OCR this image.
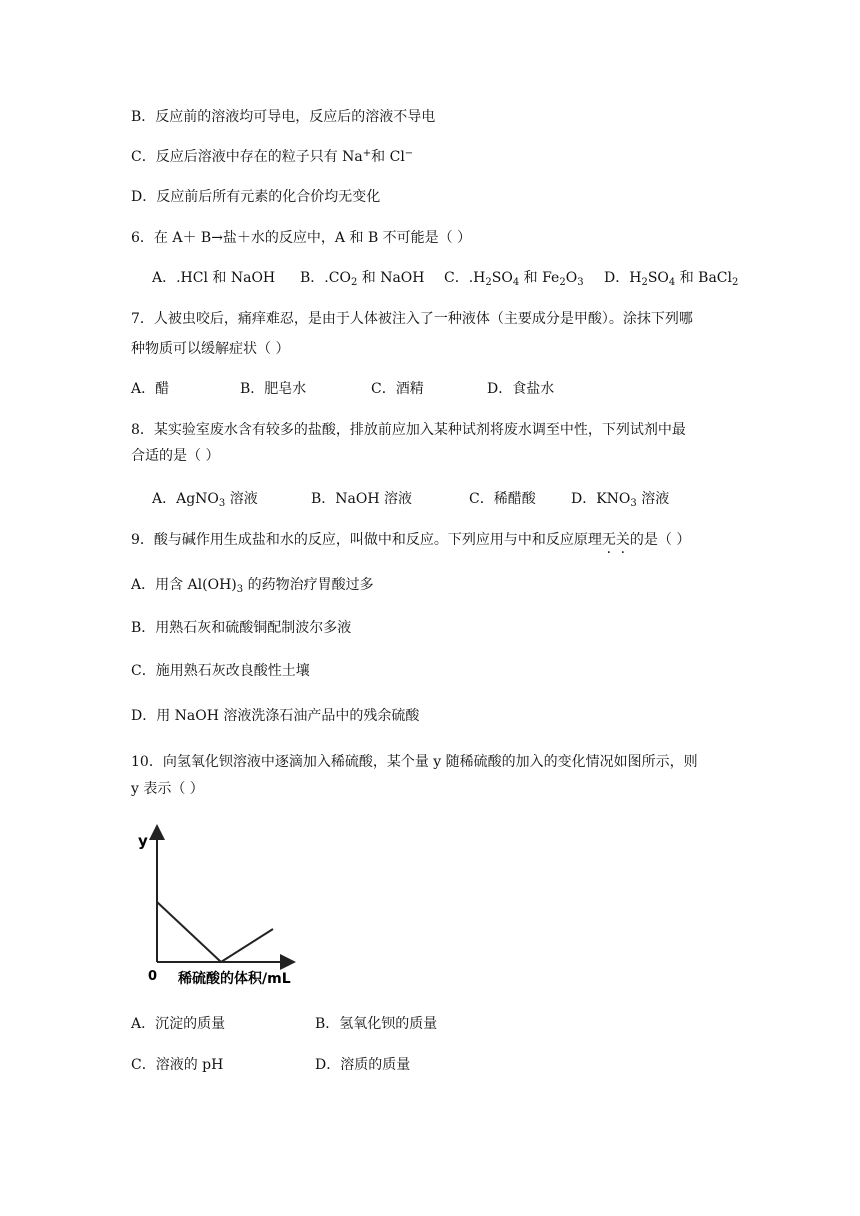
B．反应前的溶液均可导电，反应后的溶液不导电
C．反应后溶液中存在的粒子只有 Na+和 Cl−
D．反应前后所有元素的化合价均无变化
6．在 A＋ B→盐＋水的反应中，A 和 B 不可能是（ ）
A．.HCl 和 NaOH B．$.CO_2$ 和 NaOH C．$.H_2SO_4$ 和 $Fe_2O_3$ D．$H_2SO_4$ 和 BaCl$_2$
7．人被虫咬后，痛痒难忍，是由于人体被注入了一种液体（主要成分是甲酸）。涂抹下列哪
种物质可以缓解症状（ ）
A．醋	B．肥皂水	C．酒精	D．食盐水
8．某实验室废水含有较多的盐酸，排放前应加入某种试剂将废水调至中性，下列试剂中最
合适的是（ ）
A．AgNO$_3$ 溶液	B．NaOH 溶液	C．稀醋酸	D．$KNO_3$ 溶液
9．酸与碱作用生成盐和水的反应，叫做中和反应。下列应用与中和反应原理无关的是（ ）
A．用含 $Al(OH)_3$ 的药物治疗胃酸过多
B．用熟石灰和硫酸铜配制波尔多液
C．施用熟石灰改良酸性土壤
D．用 NaOH 溶液洗涤石油产品中的残余硫酸
10．向氢氧化钡溶液中逐滴加入稀硫酸，某个量 y 随稀硫酸的加入的变化情况如图所示，则
y 表示（ ）
y
0 稀硫酸的体积/mL
A．沉淀的质量	B．氢氧化钡的质量
C．溶液的 pH	D．溶质的质量
